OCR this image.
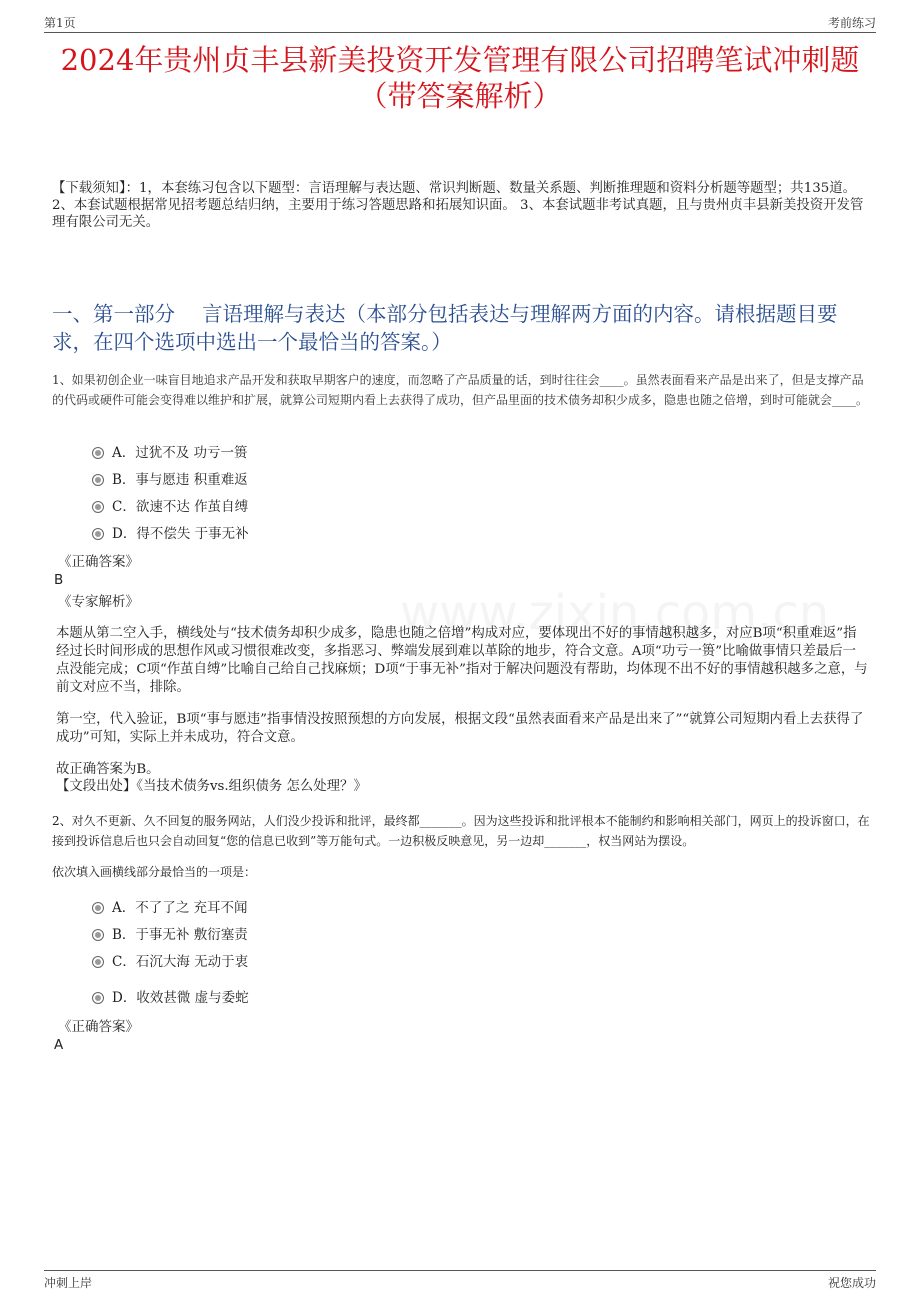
第1页	考前练习
2024年贵州贞丰县新美投资开发管理有限公司招聘笔试冲刺题
（带答案解析）
【下载须知】：1，本套练习包含以下题型：言语理解与表达题、常识判断题、数量关系题、判断推理题和资料分析题等题型；共135道。 2、本套试题根据常见招考题总结归纳，主要用于练习答题思路和拓展知识面。 3、本套试题非考试真题，且与贵州贞丰县新美投资开发管理有限公司无关。
一、第一部分　 言语理解与表达（本部分包括表达与理解两方面的内容。请根据题目要求，在四个选项中选出一个最恰当的答案。）
1、如果初创企业一味盲目地追求产品开发和获取早期客户的速度，而忽略了产品质量的话，到时往往会____。虽然表面看来产品是出来了，但是支撑产品的代码或硬件可能会变得难以维护和扩展，就算公司短期内看上去获得了成功，但产品里面的技术债务却积少成多，隐患也随之倍增，到时可能就会____。
A．过犹不及 功亏一篑
B．事与愿违 积重难返
C．欲速不达 作茧自缚
D．得不偿失 于事无补
《正确答案》
B
《专家解析》
本题从第二空入手，横线处与“技术债务却积少成多，隐患也随之倍增”构成对应，要体现出不好的事情越积越多，对应B项“积重难返”指经过长时间形成的思想作风或习惯很难改变，多指恶习、弊端发展到难以革除的地步，符合文意。A项“功亏一篑”比喻做事情只差最后一点没能完成；C项“作茧自缚”比喻自己给自己找麻烦；D项“于事无补”指对于解决问题没有帮助，均体现不出不好的事情越积越多之意，与前文对应不当，排除。
第一空，代入验证，B项“事与愿违”指事情没按照预想的方向发展，根据文段“虽然表面看来产品是出来了”“就算公司短期内看上去获得了成功”可知，实际上并未成功，符合文意。
故正确答案为B。
【文段出处】《当技术债务vs.组织债务 怎么处理？》
2、对久不更新、久不回复的服务网站，人们没少投诉和批评，最终都_______。因为这些投诉和批评根本不能制约和影响相关部门，网页上的投诉窗口，在接到投诉信息后也只会自动回复“您的信息已收到”等万能句式。一边积极反映意见，另一边却_______，权当网站为摆设。
依次填入画横线部分最恰当的一项是：
A．不了了之 充耳不闻
B．于事无补 敷衍塞责
C．石沉大海 无动于衷
D．收效甚微 虚与委蛇
《正确答案》
A
冲刺上岸	祝您成功
